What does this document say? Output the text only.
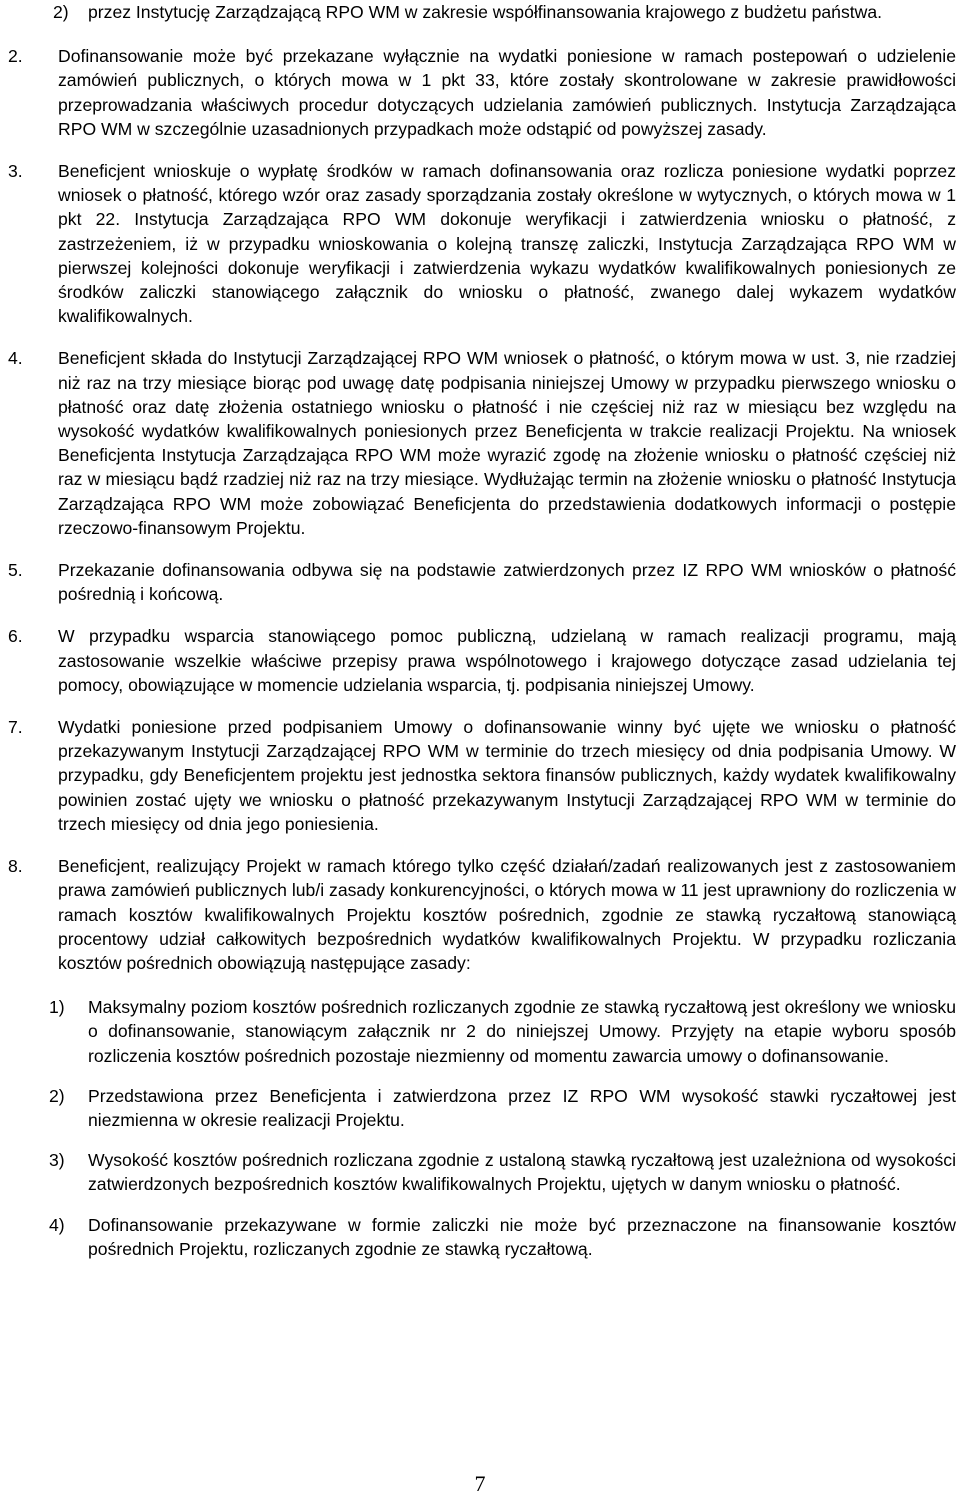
2) przez Instytucję Zarządzającą RPO WM w zakresie współfinansowania krajowego z budżetu państwa.
2. Dofinansowanie może być przekazane wyłącznie na wydatki poniesione w ramach postepowań o udzielenie zamówień publicznych, o których mowa w 1 pkt 33, które zostały skontrolowane w zakresie prawidłowości przeprowadzania właściwych procedur dotyczących udzielania zamówień publicznych. Instytucja Zarządzająca RPO WM w szczególnie uzasadnionych przypadkach może odstąpić od powyższej zasady.
3. Beneficjent wnioskuje o wypłatę środków w ramach dofinansowania oraz rozlicza poniesione wydatki poprzez wniosek o płatność, którego wzór oraz zasady sporządzania zostały określone w wytycznych, o których mowa w 1 pkt 22. Instytucja Zarządzająca RPO WM dokonuje weryfikacji i zatwierdzenia wniosku o płatność, z zastrzeżeniem, iż w przypadku wnioskowania o kolejną transzę zaliczki, Instytucja Zarządzająca RPO WM w pierwszej kolejności dokonuje weryfikacji i zatwierdzenia wykazu wydatków kwalifikowalnych poniesionych ze środków zaliczki stanowiącego załącznik do wniosku o płatność, zwanego dalej wykazem wydatków kwalifikowalnych.
4. Beneficjent składa do Instytucji Zarządzającej RPO WM wniosek o płatność, o którym mowa w ust. 3, nie rzadziej niż raz na trzy miesiące biorąc pod uwagę datę podpisania niniejszej Umowy w przypadku pierwszego wniosku o płatność oraz datę złożenia ostatniego wniosku o płatność i nie częściej niż raz w miesiącu bez względu na wysokość wydatków kwalifikowalnych poniesionych przez Beneficjenta w trakcie realizacji Projektu. Na wniosek Beneficjenta Instytucja Zarządzająca RPO WM może wyrazić zgodę na złożenie wniosku o płatność częściej niż raz w miesiącu bądź rzadziej niż raz na trzy miesiące. Wydłużając termin na złożenie wniosku o płatność Instytucja Zarządzająca RPO WM może zobowiązać Beneficjenta do przedstawienia dodatkowych informacji o postępie rzeczowo-finansowym Projektu.
5. Przekazanie dofinansowania odbywa się na podstawie zatwierdzonych przez IZ RPO WM wniosków o płatność pośrednią i końcową.
6. W przypadku wsparcia stanowiącego pomoc publiczną, udzielaną w ramach realizacji programu, mają zastosowanie wszelkie właściwe przepisy prawa wspólnotowego i krajowego dotyczące zasad udzielania tej pomocy, obowiązujące w momencie udzielania wsparcia, tj. podpisania niniejszej Umowy.
7. Wydatki poniesione przed podpisaniem Umowy o dofinansowanie winny być ujęte we wniosku o płatność przekazywanym Instytucji Zarządzającej RPO WM w terminie do trzech miesięcy od dnia podpisania Umowy. W przypadku, gdy Beneficjentem projektu jest jednostka sektora finansów publicznych, każdy wydatek kwalifikowalny powinien zostać ujęty we wniosku o płatność przekazywanym Instytucji Zarządzającej RPO WM w terminie do trzech miesięcy od dnia jego poniesienia.
8. Beneficjent, realizujący Projekt w ramach którego tylko część działań/zadań realizowanych jest z zastosowaniem prawa zamówień publicznych lub/i zasady konkurencyjności, o których mowa w 11 jest uprawniony do rozliczenia w ramach kosztów kwalifikowalnych Projektu kosztów pośrednich, zgodnie ze stawką ryczałtową stanowiącą procentowy udział całkowitych bezpośrednich wydatków kwalifikowalnych Projektu. W przypadku rozliczania kosztów pośrednich obowiązują następujące zasady:
1) Maksymalny poziom kosztów pośrednich rozliczanych zgodnie ze stawką ryczałtową jest określony we wniosku o dofinansowanie, stanowiącym załącznik nr 2 do niniejszej Umowy. Przyjęty na etapie wyboru sposób rozliczenia kosztów pośrednich pozostaje niezmienny od momentu zawarcia umowy o dofinansowanie.
2) Przedstawiona przez Beneficjenta i zatwierdzona przez IZ RPO WM wysokość stawki ryczałtowej jest niezmienna w okresie realizacji Projektu.
3) Wysokość kosztów pośrednich rozliczana zgodnie z ustaloną stawką ryczałtową jest uzależniona od wysokości zatwierdzonych bezpośrednich kosztów kwalifikowalnych Projektu, ujętych w danym wniosku o płatność.
4) Dofinansowanie przekazywane w formie zaliczki nie może być przeznaczone na finansowanie kosztów pośrednich Projektu, rozliczanych zgodnie ze stawką ryczałtową.
7
